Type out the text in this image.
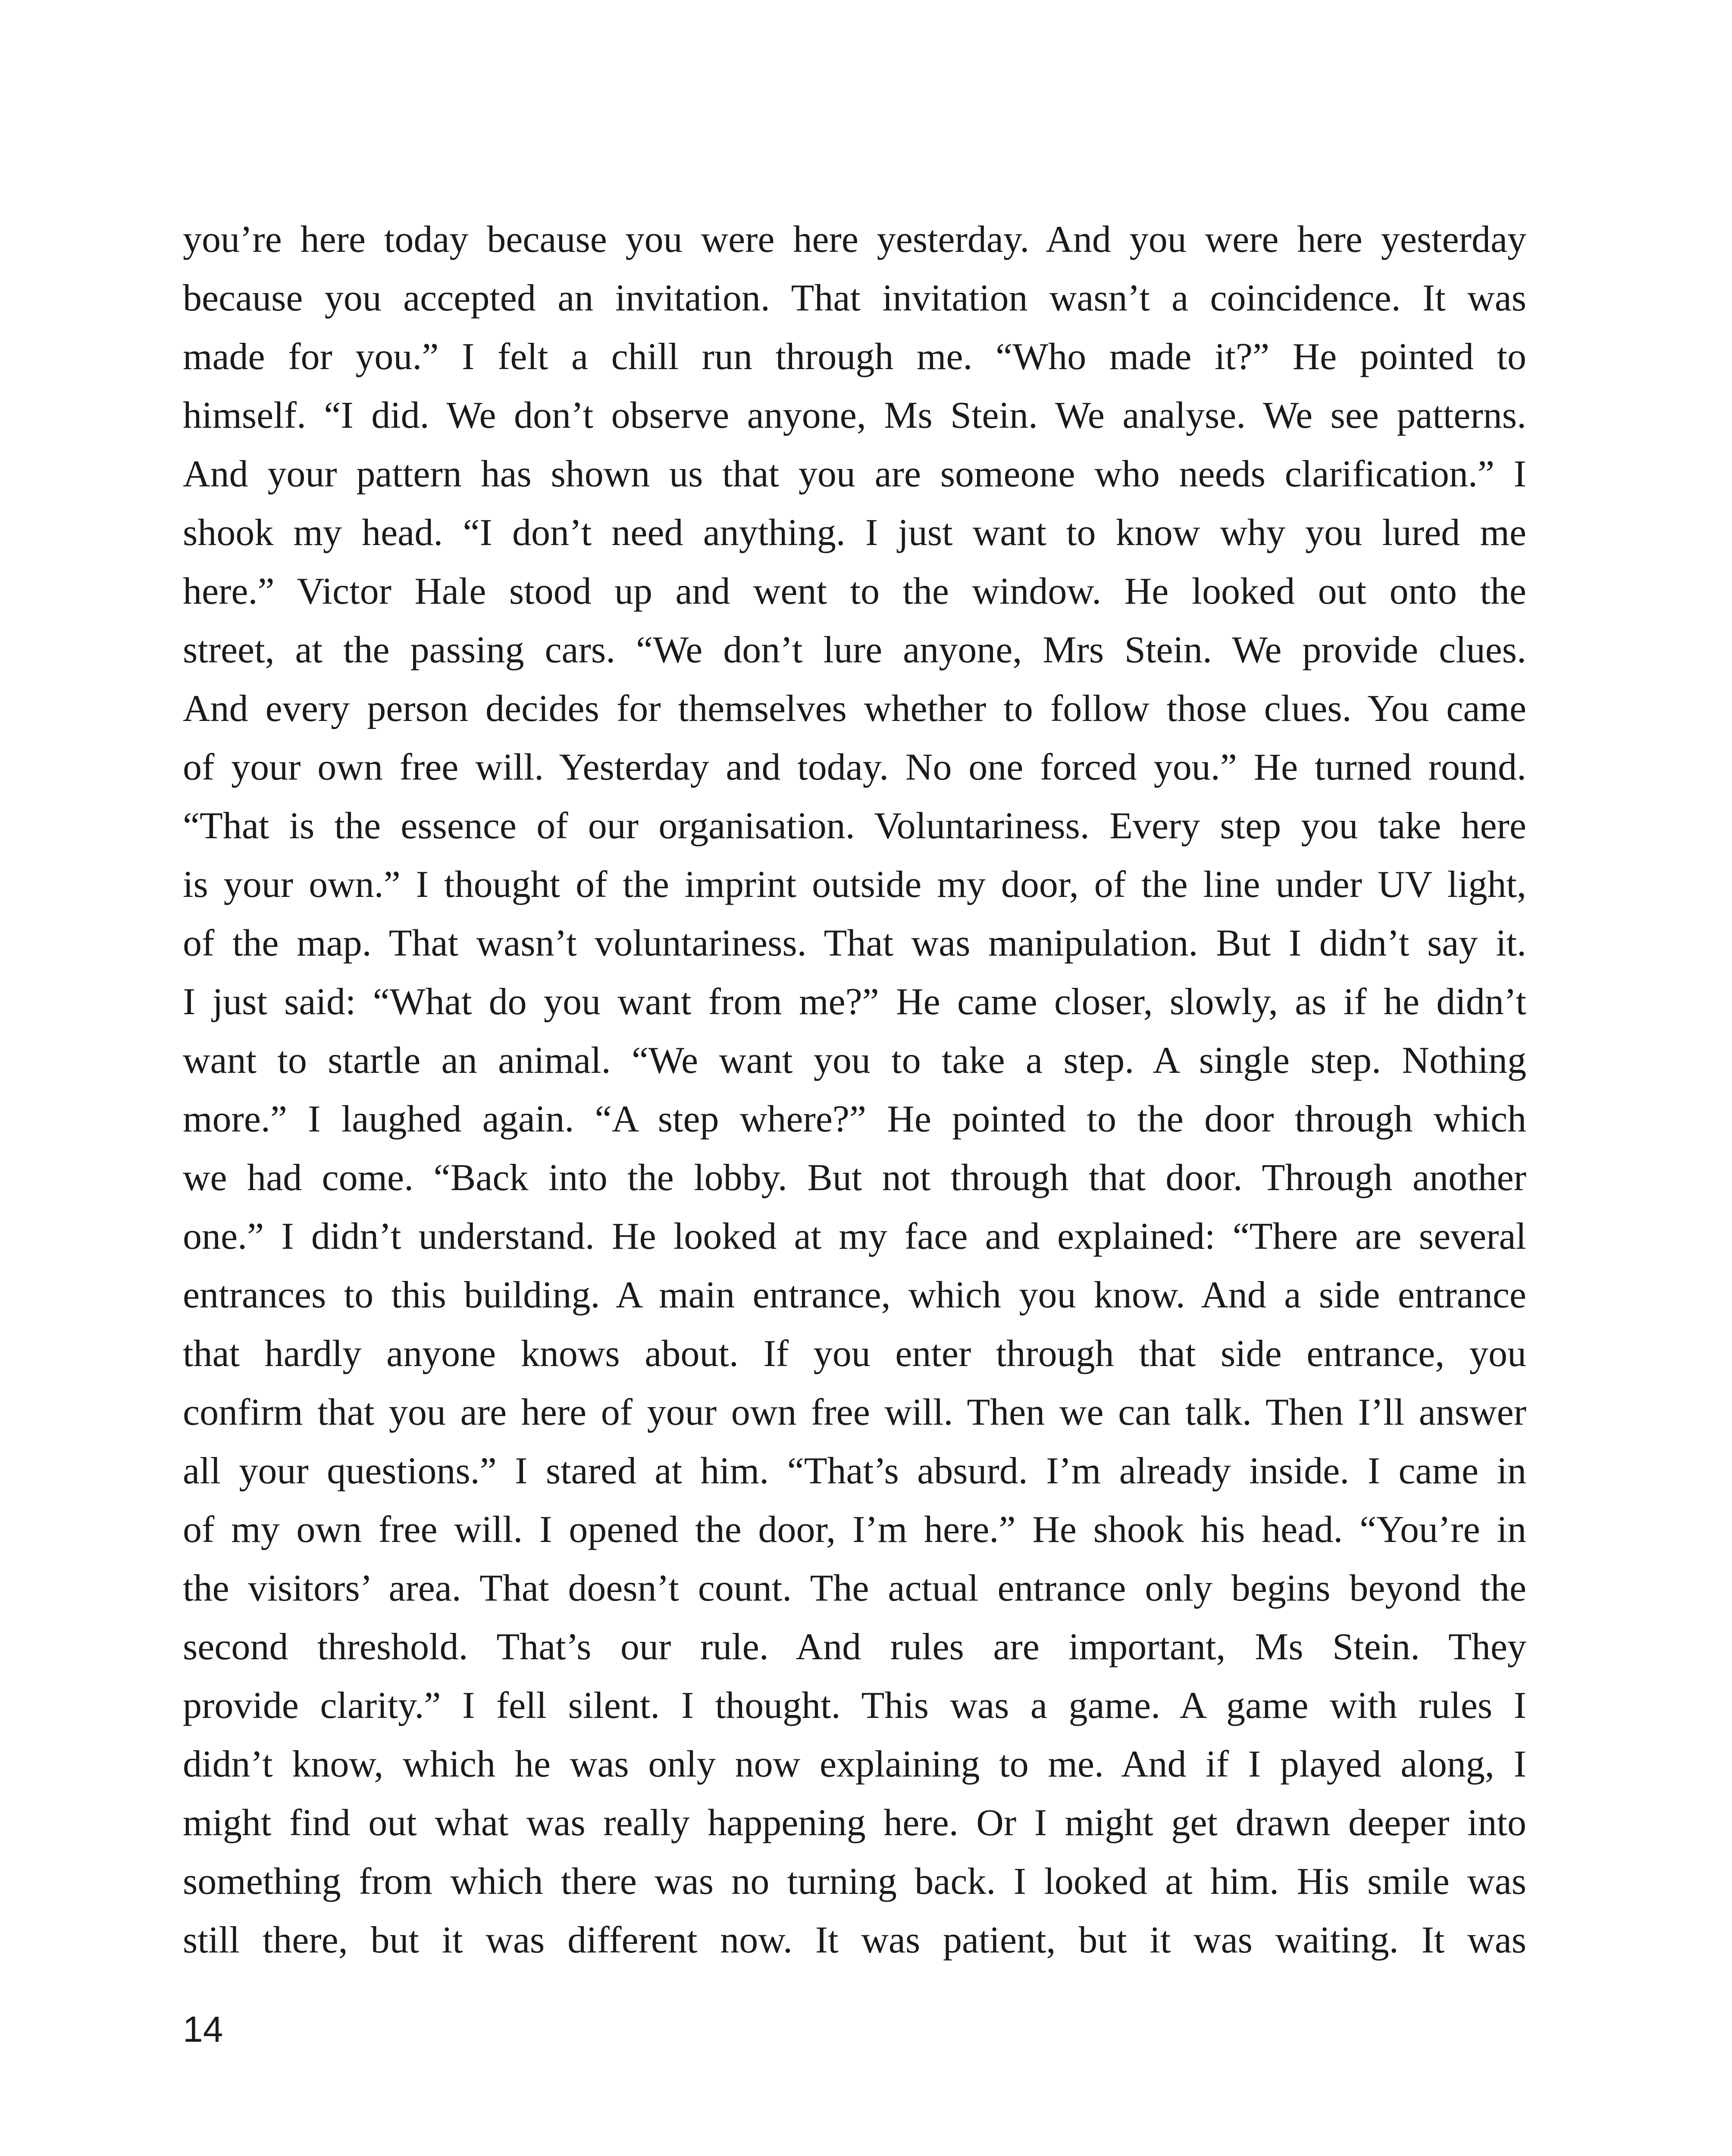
you’re here today because you were here yesterday. And you were here yesterday
because you accepted an invitation. That invitation wasn’t a coincidence. It was
made for you.” I felt a chill run through me. “Who made it?” He pointed to
himself. “I did. We don’t observe anyone, Ms Stein. We analyse. We see patterns.
And your pattern has shown us that you are someone who needs clarification.” I
shook my head. “I don’t need anything. I just want to know why you lured me
here.” Victor Hale stood up and went to the window. He looked out onto the
street, at the passing cars. “We don’t lure anyone, Mrs Stein. We provide clues.
And every person decides for themselves whether to follow those clues. You came
of your own free will. Yesterday and today. No one forced you.” He turned round.
“That is the essence of our organisation. Voluntariness. Every step you take here
is your own.” I thought of the imprint outside my door, of the line under UV light,
of the map. That wasn’t voluntariness. That was manipulation. But I didn’t say it.
I just said: “What do you want from me?” He came closer, slowly, as if he didn’t
want to startle an animal. “We want you to take a step. A single step. Nothing
more.” I laughed again. “A step where?” He pointed to the door through which
we had come. “Back into the lobby. But not through that door. Through another
one.” I didn’t understand. He looked at my face and explained: “There are several
entrances to this building. A main entrance, which you know. And a side entrance
that hardly anyone knows about. If you enter through that side entrance, you
confirm that you are here of your own free will. Then we can talk. Then I’ll answer
all your questions.” I stared at him. “That’s absurd. I’m already inside. I came in
of my own free will. I opened the door, I’m here.” He shook his head. “You’re in
the visitors’ area. That doesn’t count. The actual entrance only begins beyond the
second threshold. That’s our rule. And rules are important, Ms Stein. They
provide clarity.” I fell silent. I thought. This was a game. A game with rules I
didn’t know, which he was only now explaining to me. And if I played along, I
might find out what was really happening here. Or I might get drawn deeper into
something from which there was no turning back. I looked at him. His smile was
still there, but it was different now. It was patient, but it was waiting. It was
14
